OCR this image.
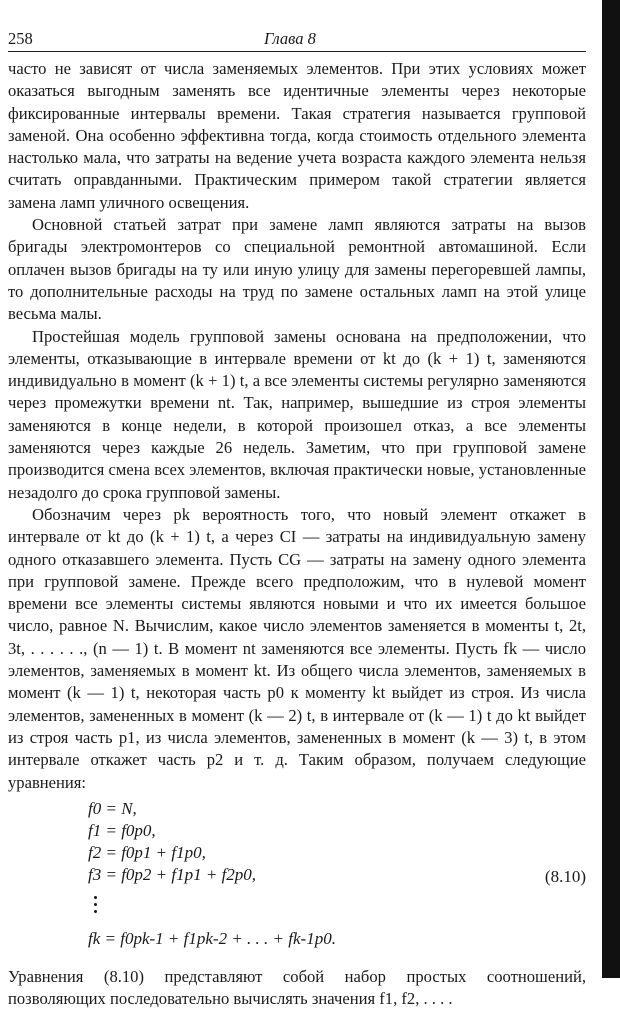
258	Глава 8

часто не зависят от числа заменяемых элементов. При этих условиях может оказаться выгодным заменять все идентичные элементы через некоторые фиксированные интервалы времени. Такая стратегия называется групповой заменой. Она особенно эффективна тогда, когда стоимость отдельного элемента настолько мала, что затраты на ведение учета возраста каждого элемента нельзя считать оправданными. Практическим примером такой стратегии является замена ламп уличного освещения.

Основной статьей затрат при замене ламп являются затраты на вызов бригады электромонтеров со специальной ремонтной автомашиной. Если оплачен вызов бригады на ту или иную улицу для замены перегоревшей лампы, то дополнительные расходы на труд по замене остальных ламп на этой улице весьма малы.

Простейшая модель групповой замены основана на предположении, что элементы, отказывающие в интервале времени от kt до (k + 1) t, заменяются индивидуально в момент (k + 1) t, а все элементы системы регулярно заменяются через промежутки времени nt. Так, например, вышедшие из строя элементы заменяются в конце недели, в которой произошел отказ, а все элементы заменяются через каждые 26 недель. Заметим, что при групповой замене производится смена всех элементов, включая практически новые, установленные незадолго до срока групповой замены.

Обозначим через pk вероятность того, что новый элемент откажет в интервале от kt до (k + 1) t, а через CI — затраты на индивидуальную замену одного отказавшего элемента. Пусть CG — затраты на замену одного элемента при групповой замене. Прежде всего предположим, что в нулевой момент времени все элементы системы являются новыми и что их имеется большое число, равное N. Вычислим, какое число элементов заменяется в моменты t, 2t, 3t, . . . . . ., (n — 1) t. В момент nt заменяются все элементы. Пусть fk — число элементов, заменяемых в момент kt. Из общего числа элементов, заменяемых в момент (k — 1) t, некоторая часть p0 к моменту kt выйдет из строя. Из числа элементов, замененных в момент (k — 2) t, в интервале от (k — 1) t до kt выйдет из строя часть p1, из числа элементов, замененных в момент (k — 3) t, в этом интервале откажет часть p2 и т. д. Таким образом, получаем следующие уравнения:

f0 = N,
f1 = f0p0,
f2 = f0p1 + f1p0,
f3 = f0p2 + f1p1 + f2p0,
fk = f0pk-1 + f1pk-2 + . . . + fk-1p0.
(8.10)

Уравнения (8.10) представляют собой набор простых соотношений, позволяющих последовательно вычислять значения f1, f2, . . . .
